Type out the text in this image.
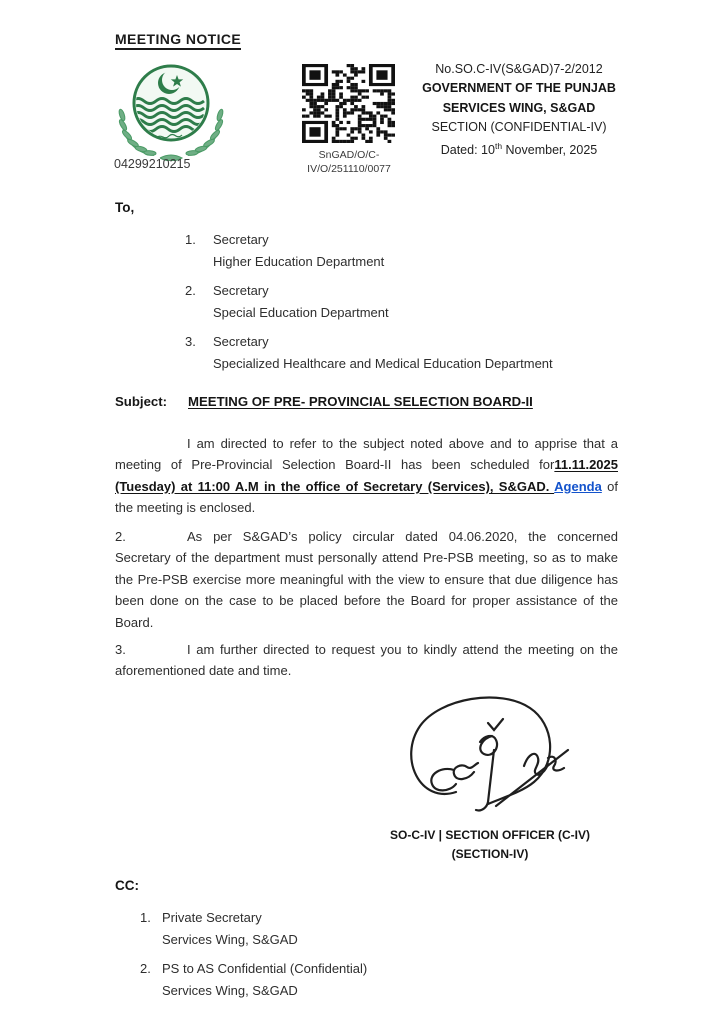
MEETING NOTICE
04299210215
SnGAD/O/C-
IV/O/251110/0077
No.SO.C-IV(S&GAD)7-2/2012
GOVERNMENT OF THE PUNJAB
SERVICES WING, S&GAD
SECTION (CONFIDENTIAL-IV)
Dated: 10th November, 2025
To,
1.	Secretary
Higher Education Department
2.	Secretary
Special Education Department
3.	Secretary
Specialized Healthcare and Medical Education Department
Subject:	MEETING OF PRE- PROVINCIAL SELECTION BOARD-II

I am directed to refer to the subject noted above and to apprise that a meeting of Pre-Provincial Selection Board-II has been scheduled for11.11.2025 (Tuesday) at 11:00 A.M in the office of Secretary (Services), S&GAD. Agenda of the meeting is enclosed.

2.	As per S&GAD’s policy circular dated 04.06.2020, the concerned Secretary of the department must personally attend Pre-PSB meeting, so as to make the Pre-PSB exercise more meaningful with the view to ensure that due diligence has been done on the case to be placed before the Board for proper assistance of the Board.

3.	I am further directed to request you to kindly attend the meeting on the aforementioned date and time.

SO-C-IV | SECTION OFFICER (C-IV)
(SECTION-IV)
CC:
1. Private Secretary
Services Wing, S&GAD
2. PS to AS Confidential (Confidential)
Services Wing, S&GAD
